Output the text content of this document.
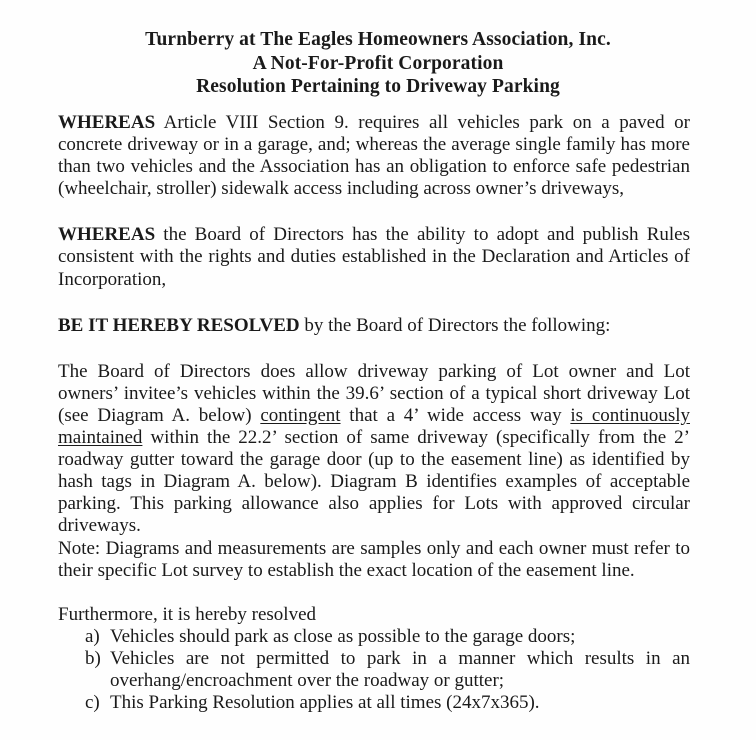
Turnberry at The Eagles Homeowners Association, Inc.
A Not-For-Profit Corporation
Resolution Pertaining to Driveway Parking

WHEREAS Article VIII Section 9. requires all vehicles park on a paved or concrete driveway or in a garage, and; whereas the average single family has more than two vehicles and the Association has an obligation to enforce safe pedestrian (wheelchair, stroller) sidewalk access including across owner’s driveways,

WHEREAS the Board of Directors has the ability to adopt and publish Rules consistent with the rights and duties established in the Declaration and Articles of Incorporation,

BE IT HEREBY RESOLVED by the Board of Directors the following:

The Board of Directors does allow driveway parking of Lot owner and Lot owners’ invitee’s vehicles within the 39.6’ section of a typical short driveway Lot (see Diagram A. below) contingent that a 4’ wide access way is continuously maintained within the 22.2’ section of same driveway (specifically from the 2’ roadway gutter toward the garage door (up to the easement line) as identified by hash tags in Diagram A. below). Diagram B identifies examples of acceptable parking. This parking allowance also applies for Lots with approved circular driveways.

Note: Diagrams and measurements are samples only and each owner must refer to their specific Lot survey to establish the exact location of the easement line.

Furthermore, it is hereby resolved

a) Vehicles should park as close as possible to the garage doors;
b) Vehicles are not permitted to park in a manner which results in an overhang/encroachment over the roadway or gutter;
c) This Parking Resolution applies at all times (24x7x365).
